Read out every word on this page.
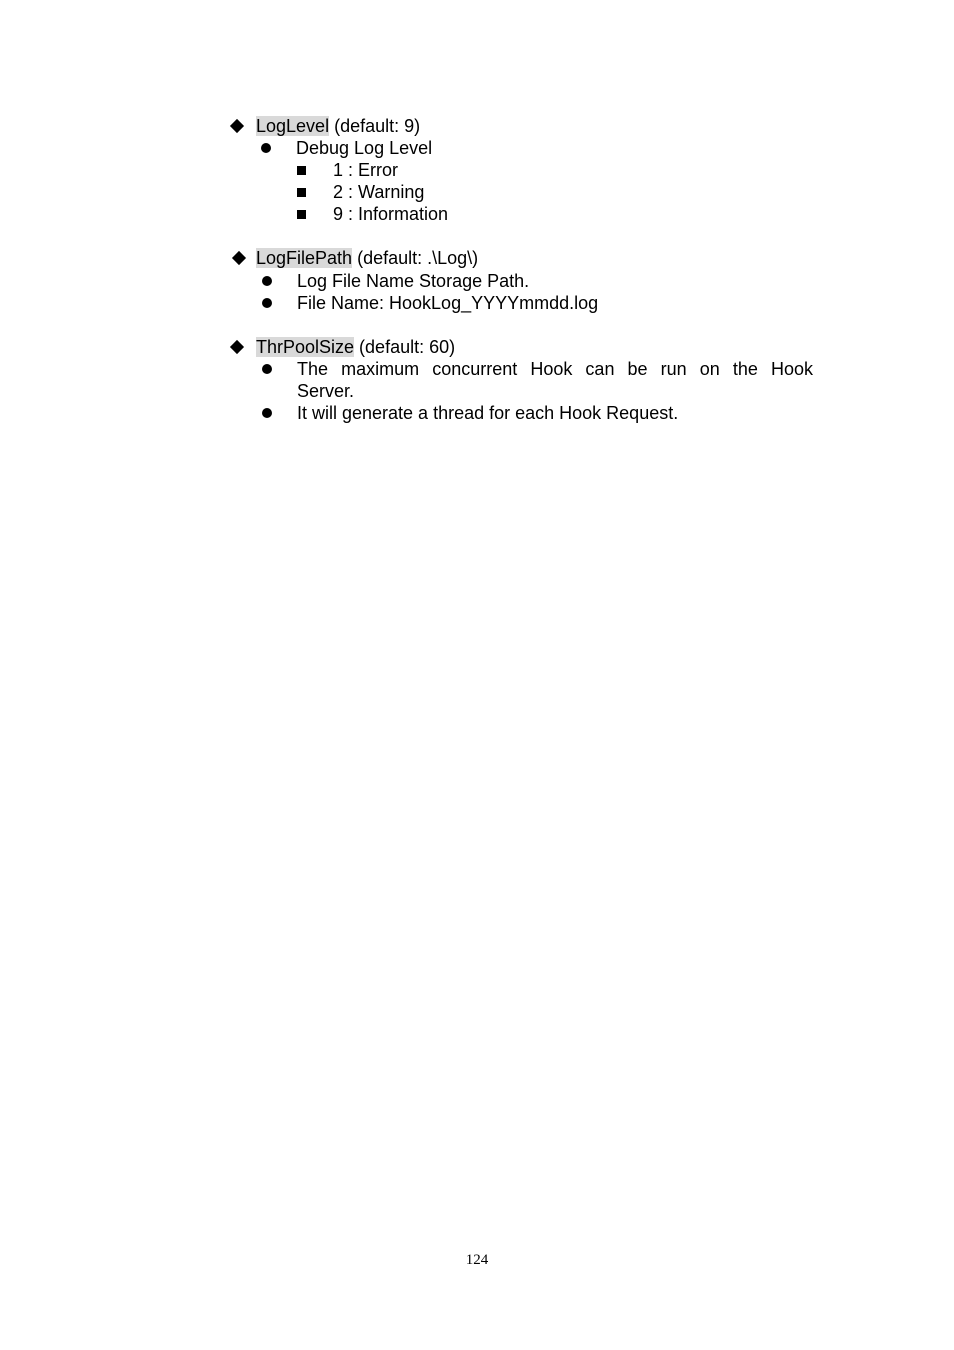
LogLevel (default: 9)
Debug Log Level
1 : Error
2 : Warning
9 : Information
LogFilePath (default: .\Log\)
Log File Name Storage Path.
File Name: HookLog_YYYYmmdd.log
ThrPoolSize (default: 60)
The maximum concurrent Hook can be run on the Hook
Server.
It will generate a thread for each Hook Request.
124
